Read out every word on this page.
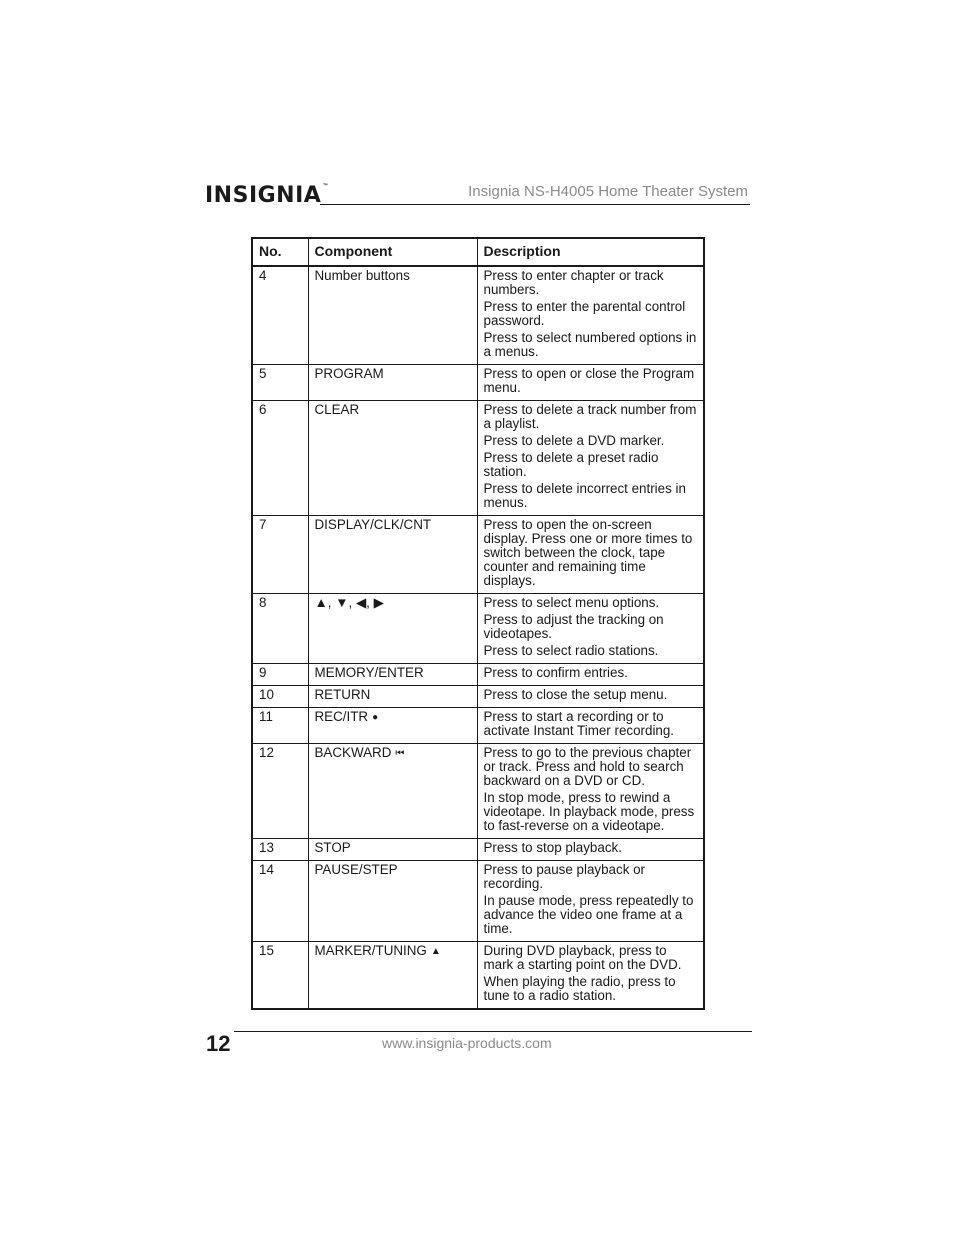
INSIGNIA™	Insignia NS-H4005 Home Theater System
No.	Component	Description
4	Number buttons	Press to enter chapter or track numbers.

Press to enter the parental control password.

Press to select numbered options in a menus.

5	PROGRAM	Press to open or close the Program menu.

6	CLEAR	Press to delete a track number from a playlist.

Press to delete a DVD marker.

Press to delete a preset radio station.

Press to delete incorrect entries in menus.

7	DISPLAY/CLK/CNT	Press to open the on-screen display. Press one or more times to switch between the clock, tape counter and remaining time displays.

8	▲, ▼, ◀, ▶	Press to select menu options.

Press to adjust the tracking on videotapes.

Press to select radio stations.

9	MEMORY/ENTER	Press to confirm entries.

10	RETURN	Press to close the setup menu.

11	REC/ITR ●	Press to start a recording or to activate Instant Timer recording.

12	BACKWARD ⏮	Press to go to the previous chapter or track. Press and hold to search backward on a DVD or CD.

In stop mode, press to rewind a videotape. In playback mode, press to fast-reverse on a videotape.

13	STOP	Press to stop playback.

14	PAUSE/STEP	Press to pause playback or recording.

In pause mode, press repeatedly to advance the video one frame at a time.

15	MARKER/TUNING ▲	During DVD playback, press to mark a starting point on the DVD.

When playing the radio, press to tune to a radio station.

12	www.insignia-products.com
